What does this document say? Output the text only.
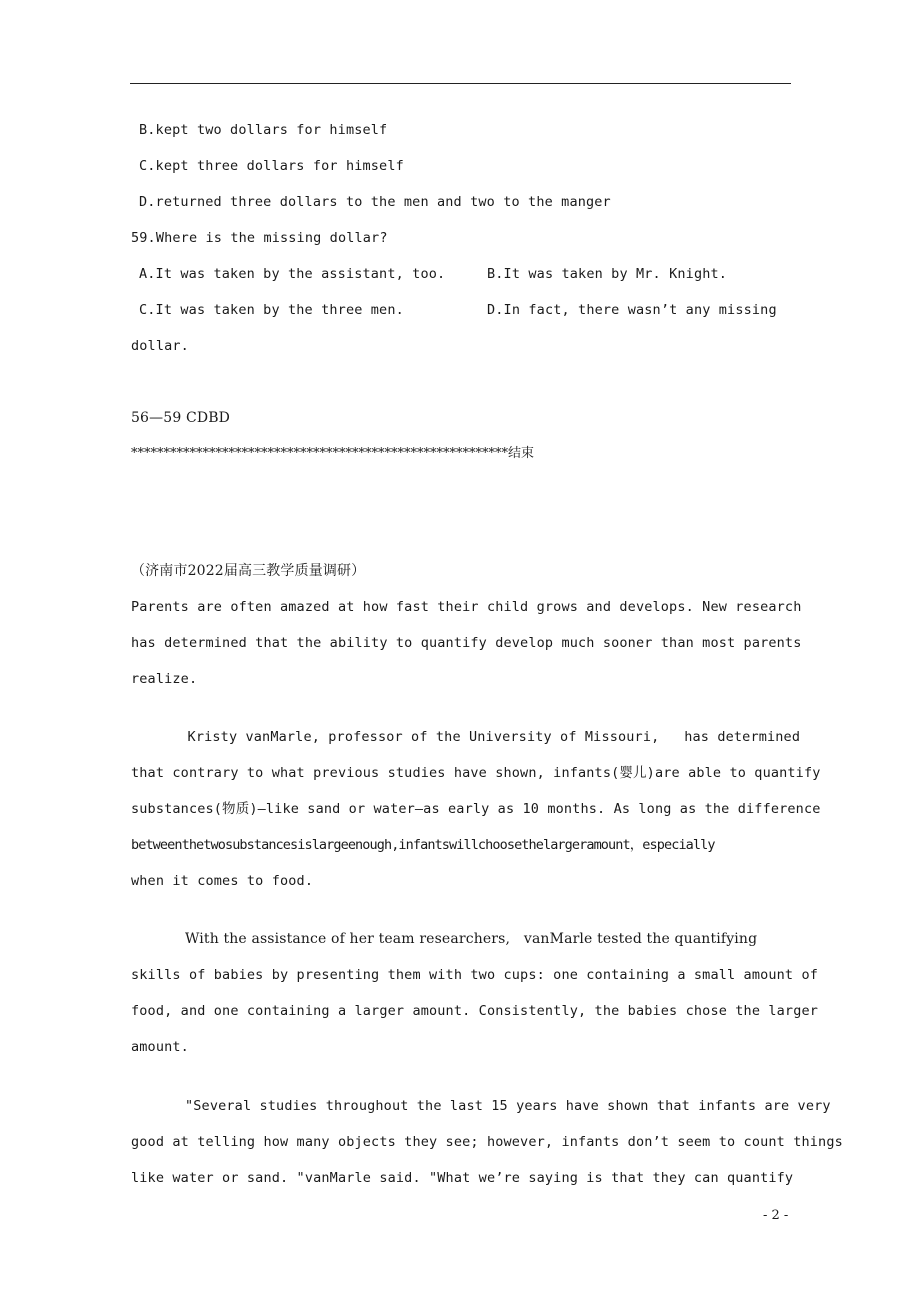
B.kept two dollars for himself
C.kept three dollars for himself
D.returned three dollars to the men and two to the manger
59.Where is the missing dollar?
A.It was taken by the assistant, too.	B.It was taken by Mr. Knight.
C.It was taken by the three men.	D.In fact, there wasn’t any missing
dollar.
56—59 CDBD
**********************************************************结束
（济南市2022届高三教学质量调研）
Parents are often amazed at how fast their child grows and develops. New research
has determined that the ability to quantify develop much sooner than most parents
realize.
Kristy vanMarle, professor of the University of Missouri,   has determined
that contrary to what previous studies have shown, infants(婴儿)are able to quantify
substances(物质)—like sand or water—as early as 10 months. As long as the difference
betweenthetwosubstancesislargeenough,infantswillchoosethelargeramount，especially
when it comes to food.
With the assistance of her team researchers,   vanMarle tested the quantifying
skills of babies by presenting them with two cups: one containing a small amount of
food, and one containing a larger amount. Consistently, the babies chose the larger
amount.
"Several studies throughout the last 15 years have shown that infants are very
good at telling how many objects they see; however, infants don’t seem to count things
like water or sand. "vanMarle said. "What we’re saying is that they can quantify
- 2 -
